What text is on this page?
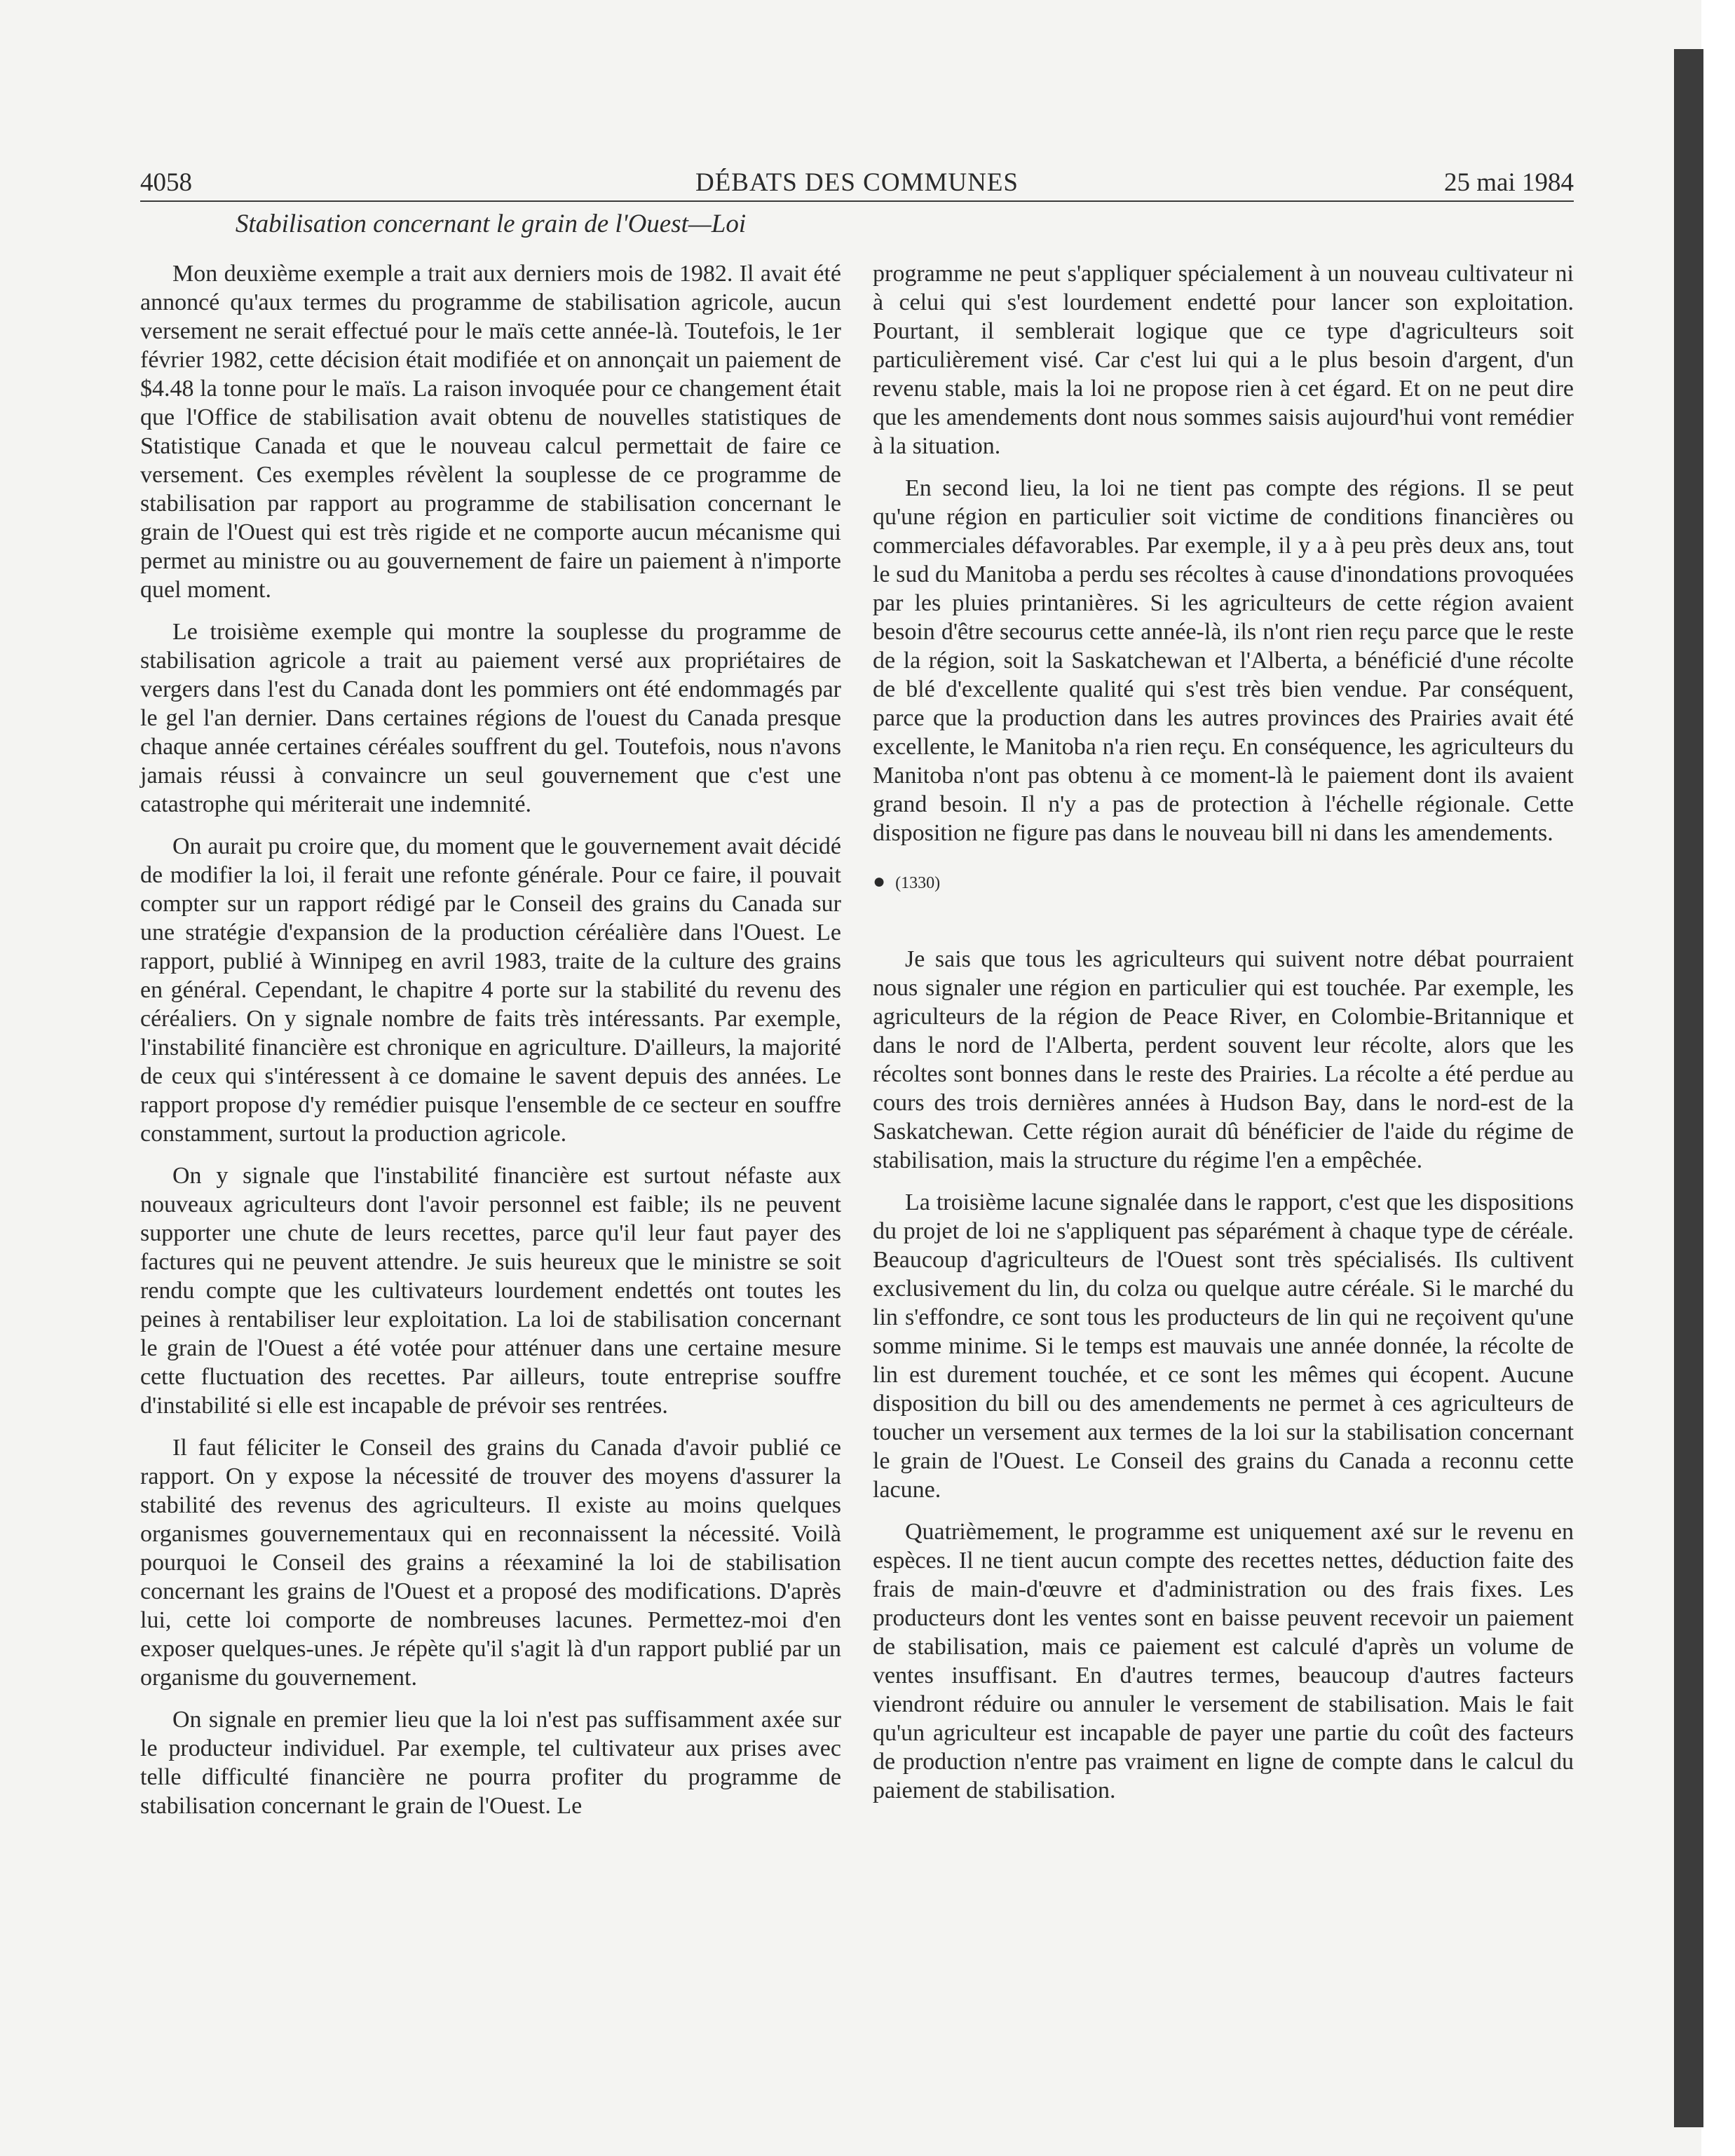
4058	DÉBATS DES COMMUNES	25 mai 1984
Stabilisation concernant le grain de l'Ouest—Loi

Mon deuxième exemple a trait aux derniers mois de 1982. Il avait été annoncé qu'aux termes du programme de stabilisation agricole, aucun versement ne serait effectué pour le maïs cette année-là. Toutefois, le 1er février 1982, cette décision était modifiée et on annonçait un paiement de $4.48 la tonne pour le maïs. La raison invoquée pour ce changement était que l'Office de stabilisation avait obtenu de nouvelles statistiques de Statistique Canada et que le nouveau calcul permettait de faire ce versement. Ces exemples révèlent la souplesse de ce programme de stabilisation par rapport au programme de stabilisation concernant le grain de l'Ouest qui est très rigide et ne comporte aucun mécanisme qui permet au ministre ou au gouvernement de faire un paiement à n'importe quel moment.

Le troisième exemple qui montre la souplesse du programme de stabilisation agricole a trait au paiement versé aux propriétaires de vergers dans l'est du Canada dont les pommiers ont été endommagés par le gel l'an dernier. Dans certaines régions de l'ouest du Canada presque chaque année certaines céréales souffrent du gel. Toutefois, nous n'avons jamais réussi à convaincre un seul gouvernement que c'est une catastrophe qui mériterait une indemnité.

On aurait pu croire que, du moment que le gouvernement avait décidé de modifier la loi, il ferait une refonte générale. Pour ce faire, il pouvait compter sur un rapport rédigé par le Conseil des grains du Canada sur une stratégie d'expansion de la production céréalière dans l'Ouest. Le rapport, publié à Winnipeg en avril 1983, traite de la culture des grains en général. Cependant, le chapitre 4 porte sur la stabilité du revenu des céréaliers. On y signale nombre de faits très intéressants. Par exemple, l'instabilité financière est chronique en agriculture. D'ailleurs, la majorité de ceux qui s'intéressent à ce domaine le savent depuis des années. Le rapport propose d'y remédier puisque l'ensemble de ce secteur en souffre constamment, surtout la production agricole.

On y signale que l'instabilité financière est surtout néfaste aux nouveaux agriculteurs dont l'avoir personnel est faible; ils ne peuvent supporter une chute de leurs recettes, parce qu'il leur faut payer des factures qui ne peuvent attendre. Je suis heureux que le ministre se soit rendu compte que les cultivateurs lourdement endettés ont toutes les peines à rentabiliser leur exploitation. La loi de stabilisation concernant le grain de l'Ouest a été votée pour atténuer dans une certaine mesure cette fluctuation des recettes. Par ailleurs, toute entreprise souffre d'instabilité si elle est incapable de prévoir ses rentrées.

Il faut féliciter le Conseil des grains du Canada d'avoir publié ce rapport. On y expose la nécessité de trouver des moyens d'assurer la stabilité des revenus des agriculteurs. Il existe au moins quelques organismes gouvernementaux qui en reconnaissent la nécessité. Voilà pourquoi le Conseil des grains a réexaminé la loi de stabilisation concernant les grains de l'Ouest et a proposé des modifications. D'après lui, cette loi comporte de nombreuses lacunes. Permettez-moi d'en exposer quelques-unes. Je répète qu'il s'agit là d'un rapport publié par un organisme du gouvernement.

On signale en premier lieu que la loi n'est pas suffisamment axée sur le producteur individuel. Par exemple, tel cultivateur aux prises avec telle difficulté financière ne pourra profiter du programme de stabilisation concernant le grain de l'Ouest. Le

programme ne peut s'appliquer spécialement à un nouveau cultivateur ni à celui qui s'est lourdement endetté pour lancer son exploitation. Pourtant, il semblerait logique que ce type d'agriculteurs soit particulièrement visé. Car c'est lui qui a le plus besoin d'argent, d'un revenu stable, mais la loi ne propose rien à cet égard. Et on ne peut dire que les amendements dont nous sommes saisis aujourd'hui vont remédier à la situation.

En second lieu, la loi ne tient pas compte des régions. Il se peut qu'une région en particulier soit victime de conditions financières ou commerciales défavorables. Par exemple, il y a à peu près deux ans, tout le sud du Manitoba a perdu ses récoltes à cause d'inondations provoquées par les pluies printanières. Si les agriculteurs de cette région avaient besoin d'être secourus cette année-là, ils n'ont rien reçu parce que le reste de la région, soit la Saskatchewan et l'Alberta, a bénéficié d'une récolte de blé d'excellente qualité qui s'est très bien vendue. Par conséquent, parce que la production dans les autres provinces des Prairies avait été excellente, le Manitoba n'a rien reçu. En conséquence, les agriculteurs du Manitoba n'ont pas obtenu à ce moment-là le paiement dont ils avaient grand besoin. Il n'y a pas de protection à l'échelle régionale. Cette disposition ne figure pas dans le nouveau bill ni dans les amendements.

● (1330)

Je sais que tous les agriculteurs qui suivent notre débat pourraient nous signaler une région en particulier qui est touchée. Par exemple, les agriculteurs de la région de Peace River, en Colombie-Britannique et dans le nord de l'Alberta, perdent souvent leur récolte, alors que les récoltes sont bonnes dans le reste des Prairies. La récolte a été perdue au cours des trois dernières années à Hudson Bay, dans le nord-est de la Saskatchewan. Cette région aurait dû bénéficier de l'aide du régime de stabilisation, mais la structure du régime l'en a empêchée.

La troisième lacune signalée dans le rapport, c'est que les dispositions du projet de loi ne s'appliquent pas séparément à chaque type de céréale. Beaucoup d'agriculteurs de l'Ouest sont très spécialisés. Ils cultivent exclusivement du lin, du colza ou quelque autre céréale. Si le marché du lin s'effondre, ce sont tous les producteurs de lin qui ne reçoivent qu'une somme minime. Si le temps est mauvais une année donnée, la récolte de lin est durement touchée, et ce sont les mêmes qui écopent. Aucune disposition du bill ou des amendements ne permet à ces agriculteurs de toucher un versement aux termes de la loi sur la stabilisation concernant le grain de l'Ouest. Le Conseil des grains du Canada a reconnu cette lacune.

Quatrièmement, le programme est uniquement axé sur le revenu en espèces. Il ne tient aucun compte des recettes nettes, déduction faite des frais de main-d'œuvre et d'administration ou des frais fixes. Les producteurs dont les ventes sont en baisse peuvent recevoir un paiement de stabilisation, mais ce paiement est calculé d'après un volume de ventes insuffisant. En d'autres termes, beaucoup d'autres facteurs viendront réduire ou annuler le versement de stabilisation. Mais le fait qu'un agriculteur est incapable de payer une partie du coût des facteurs de production n'entre pas vraiment en ligne de compte dans le calcul du paiement de stabilisation.
